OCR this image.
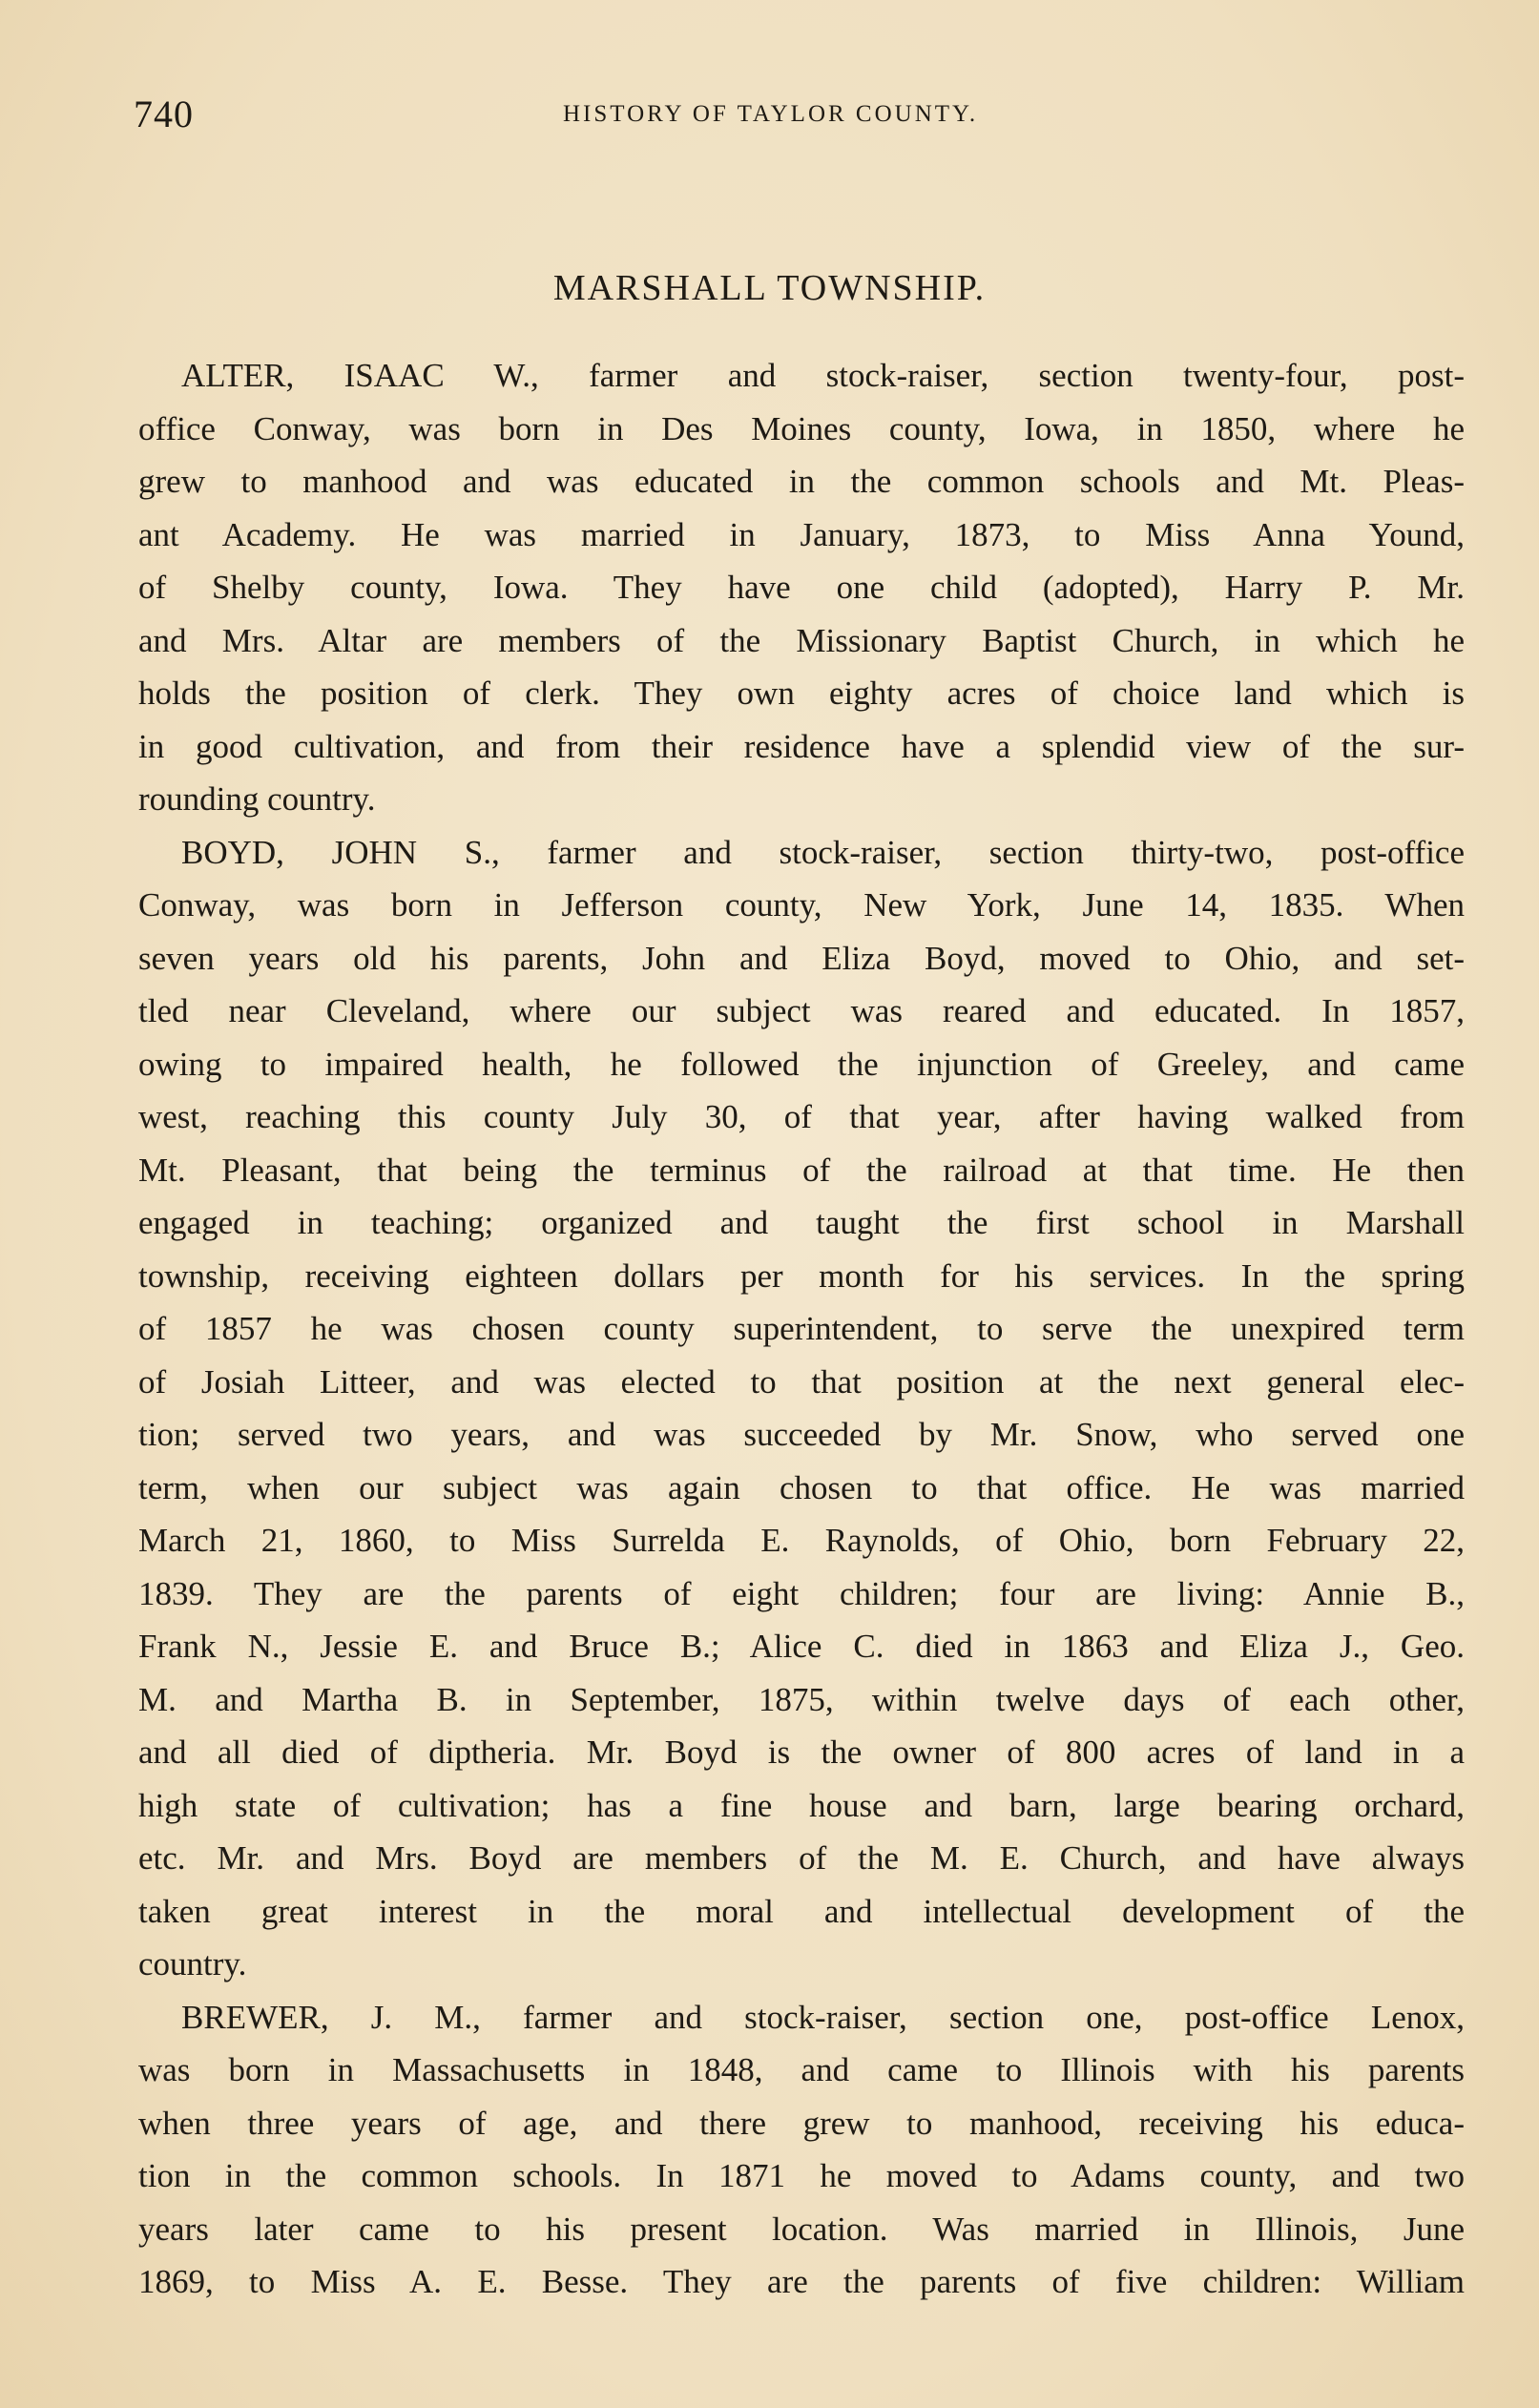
740	HISTORY OF TAYLOR COUNTY.
MARSHALL TOWNSHIP.
ALTER, ISAAC W., farmer and stock-raiser, section twenty-four, post-
office Conway, was born in Des Moines county, Iowa, in 1850, where he
grew to manhood and was educated in the common schools and Mt. Pleas-
ant Academy. He was married in January, 1873, to Miss Anna Yound,
of Shelby county, Iowa. They have one child (adopted), Harry P. Mr.
and Mrs. Altar are members of the Missionary Baptist Church, in which he
holds the position of clerk. They own eighty acres of choice land which is
in good cultivation, and from their residence have a splendid view of the sur-
rounding country.
BOYD, JOHN S., farmer and stock-raiser, section thirty-two, post-office
Conway, was born in Jefferson county, New York, June 14, 1835. When
seven years old his parents, John and Eliza Boyd, moved to Ohio, and set-
tled near Cleveland, where our subject was reared and educated. In 1857,
owing to impaired health, he followed the injunction of Greeley, and came
west, reaching this county July 30, of that year, after having walked from
Mt. Pleasant, that being the terminus of the railroad at that time. He then
engaged in teaching; organized and taught the first school in Marshall
township, receiving eighteen dollars per month for his services. In the spring
of 1857 he was chosen county superintendent, to serve the unexpired term
of Josiah Litteer, and was elected to that position at the next general elec-
tion; served two years, and was succeeded by Mr. Snow, who served one
term, when our subject was again chosen to that office. He was married
March 21, 1860, to Miss Surrelda E. Raynolds, of Ohio, born February 22,
1839. They are the parents of eight children; four are living: Annie B.,
Frank N., Jessie E. and Bruce B.; Alice C. died in 1863 and Eliza J., Geo.
M. and Martha B. in September, 1875, within twelve days of each other,
and all died of diptheria. Mr. Boyd is the owner of 800 acres of land in a
high state of cultivation; has a fine house and barn, large bearing orchard,
etc. Mr. and Mrs. Boyd are members of the M. E. Church, and have always
taken great interest in the moral and intellectual development of the
country.
BREWER, J. M., farmer and stock-raiser, section one, post-office Lenox,
was born in Massachusetts in 1848, and came to Illinois with his parents
when three years of age, and there grew to manhood, receiving his educa-
tion in the common schools. In 1871 he moved to Adams county, and two
years later came to his present location. Was married in Illinois, June
1869, to Miss A. E. Besse. They are the parents of five children: William
